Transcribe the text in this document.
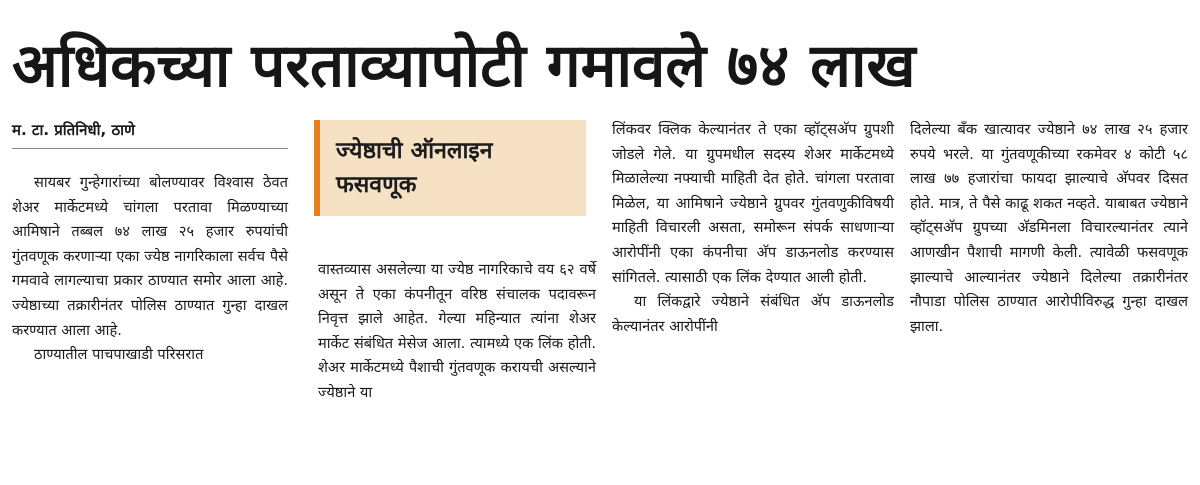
अधिकच्या परताव्यापोटी गमावले ७४ लाख
म. टा. प्रतिनिधी, ठाणे

सायबर गुन्हेगारांच्या बोलण्यावर विश्वास ठेवत शेअर मार्केटमध्ये चांगला परतावा मिळण्याच्या आमिषाने तब्बल ७४ लाख २५ हजार रुपयांची गुंतवणूक करणाऱ्या एका ज्येष्ठ नागरिकाला सर्वच पैसे गमवावे लागल्याचा प्रकार ठाण्यात समोर आला आहे. ज्येष्ठाच्या तक्रारीनंतर पोलिस ठाण्यात गुन्हा दाखल करण्यात आला आहे.

ठाण्यातील पाचपाखाडी परिसरात

ज्येष्ठाची ऑनलाइन
फसवणूक

वास्तव्यास असलेल्या या ज्येष्ठ नागरिकाचे वय ६२ वर्षे असून ते एका कंपनीतून वरिष्ठ संचालक पदावरून निवृत्त झाले आहेत. गेल्या महिन्यात त्यांना शेअर मार्केट संबंधित मेसेज आला. त्यामध्ये एक लिंक होती. शेअर मार्केटमध्ये पैशाची गुंतवणूक करायची असल्याने ज्येष्ठाने या

लिंकवर क्लिक केल्यानंतर ते एका व्हॉट्सअ‍ॅप ग्रुपशी जोडले गेले. या ग्रुपमधील सदस्य शेअर मार्केटमध्ये मिळालेल्या नफ्याची माहिती देत होते. चांगला परतावा मिळेल, या आमिषाने ज्येष्ठाने ग्रुपवर गुंतवणुकीविषयी माहिती विचारली असता, समोरून संपर्क साधणाऱ्या आरोपींनी एका कंपनीचा अ‍ॅप डाऊनलोड करण्यास सांगितले. त्यासाठी एक लिंक देण्यात आली होती.

या लिंकद्वारे ज्येष्ठाने संबंधित अ‍ॅप डाऊनलोड केल्यानंतर आरोपींनी

दिलेल्या बँक खात्यावर ज्येष्ठाने ७४ लाख २५ हजार रुपये भरले. या गुंतवणूकीच्या रकमेवर ४ कोटी ५८ लाख ७७ हजारांचा फायदा झाल्याचे अ‍ॅपवर दिसत होते. मात्र, ते पैसे काढू शकत नव्हते. याबाबत ज्येष्ठाने व्हॉट्सअ‍ॅप ग्रुपच्या अ‍ॅडमिनला विचारल्यानंतर त्याने आणखीन पैशाची मागणी केली. त्यावेळी फसवणूक झाल्याचे आल्यानंतर ज्येष्ठाने दिलेल्या तक्रारीनंतर नौपाडा पोलिस ठाण्यात आरोपीविरुद्ध गुन्हा दाखल झाला.
